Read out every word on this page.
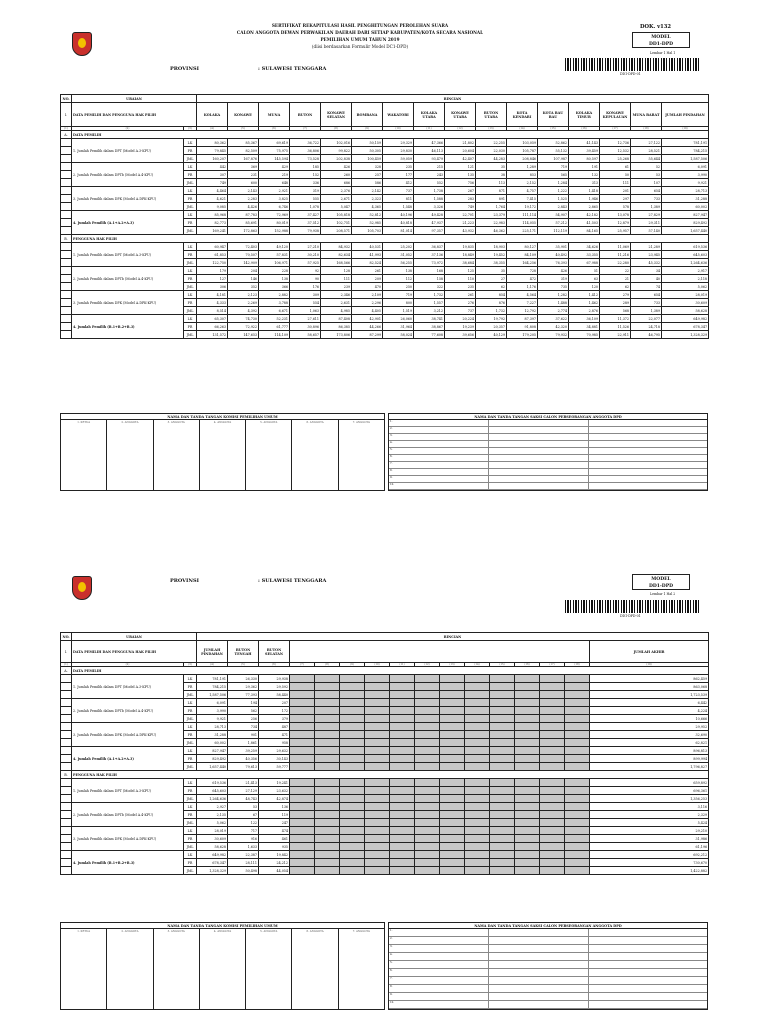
SERTIFIKAT REKAPITULASI HASIL PENGHITUNGAN PEROLEHAN SUARA
CALON ANGGOTA DEWAN PERWAKILAN DAERAH DARI SETIAP KABUPATEN/KOTA SECARA NASIONAL
PEMILIHAN UMUM TAHUN 2019
(diisi berdasarkan Formulir Model DC1-DPD)
DOK. v132
MODEL
DD1-DPD
Lembar 1 Hal 1
DD1-DPD-01
PROVINSI	: SULAWESI TENGGARA
NO.	URAIAN		RINCIAN															
I.	DATA PEMILIH DAN PENGGUNA HAK PILIH		KOLAKA	KONAWE	MUNA	BUTON	KONAWE SELATAN	BOMBANA	WAKATOBI	KOLAKA UTARA	KONAWE UTARA	BUTON UTARA	KOTA KENDARI	KOTA BAU BAU	KOLAKA TIMUR	KONAWE KEPULAUAN	MUNA BARAT	JUMLAH PINDAHAN
(1)	(2)	(3)	(4)	(5)	(6)	(7)	(8)	(9)	(10)	(11)	(12)	(13)	(14)	(15)	(16)	(17)	(18)	(19)
A.	DATA PEMILIH																	
	1. Jumlah Pemilih dalam DPT (Model A.3-KPU)	LK	80,362	85,367	69,619	36,722	102,016	50,159	29,329	47,366	21,802	22,255	103,059	52,862	41,143	12,736	27,122	781,191
		PR	79,845	82,509	75,975	36,806	99,822	50,305	29,830	46,113	20,604	22,030	105,787	55,132	39,459	12,532	28,521	784,215
		JML	160,207	167,876	145,594	73,528	202,838	100,459	59,059	93,479	42,407	44,283	208,846	107,987	80,597	25,268	55,644	1,587,506
	2. Jumlah Pemilih dalam DPTb (Model A.4-KPU)	LK	442	369	429	185	426	328	235	215	121	35	1,289	719	191	61	52	6,091
		PR	307	231	219	152	260	257	177	243	135	38	853	565	132	50	53	3,990
		JML	749	600	648	336	686	586	412	552	756	113	2,152	1,284	313	111	107	9,921
	3. Jumlah Pemilih dalam DPK (Model A.DPK-KPU)	LK	4,464	2,143	2,921	319	2,376	2,142	737	1,738	267	871	4,757	1,222	1,418	201	654	28,713
		PR	4,621	2,283	3,825	555	2,671	2,323	811	1,588	283	891	7,415	1,525	1,946	297	733	31,288
		JML	9,085	4,426	6,746	1,078	5,047	4,365	1,548	3,326	749	1,764	19,172	2,843	2,865	578	1,389	60,002
	4. Jumlah Pemilih (A.1+A.2+A.3)	LK	85,968	87,783	72,969	37,427	105,818	52,812	40,196	49,428	22,701	23,379	111,114	54,907	42,182	13,078	27,829	827,947
		PR	82,773	85,691	80,019	37,512	102,751	52,985	40,818	47,937	21,223	22,983	114,055	57,212	41,503	12,879	29,311	829,492
		JML	169,241	172,863	152,988	79,938	208,571	105,703	81,014	97,357	43,932	46,362	225,171	112,119	84,165	25,957	57,140	1,657,440
B.	PENGGUNA HAK PILIH																	
	1. Jumlah Pemilih dalam DPT (Model A.3-KPU)	LK	60,947	72,403	49,120	27,210	84,932	40,531	25,202	36,837	19,835	18,903	80,127	35,901	34,626	11,069	21,289	619,536
		PR	61,853	70,507	57,831	30,210	82,634	41,993	31,052	37,136	18,849	19,452	84,109	40,492	33,355	11,216	23,945	645,603
		JML	122,750	142,909	106,971	57,925	168,566	82,524	56,255	73,972	38,684	38,355	164,256	76,393	67,988	22,280	45,332	1,264,636
	2. Jumlah Pemilih dalam DPTb (Model A.4-KPU)	LK	179	204	228	92	128	261	138	168	125	35	728	426	51	22	34	2,917
		PR	127	146	138	90	111	209	112	158	110	27	472	319	63	21	40	2,118
		JML	306	352	366	176	239	470	250	322	235	62	1,176	735	120	62	74	5,062
	3. Jumlah Pemilih dalam DPK (Model A.DPK-KPU)	LK	4,181	2,123	2,882	309	2,346	2,109	719	1,732	261	854	4,564	1,282	1,412	279	654	28,019
		PR	4,333	2,269	3,788	554	2,631	2,296	800	1,557	276	876	7,227	1,488	1,462	289	733	30,609
		JML	8,514	4,392	6,671	1,063	4,985	4,405	1,519	3,212	737	1,732	12,792	2,774	2,876	568	1,389	58,628
	4. Jumlah Pemilih (B.1+B.2+B.3)	LK	65,307	74,730	52,231	27,611	87,408	42,901	26,060	38,741	20,224	19,792	87,397	37,622	36,109	11,372	22,077	649,982
		PR	66,263	72,922	61,777	30,896	86,385	44,266	31,964	38,867	19,239	20,357	91,808	42,320	34,881	11,526	24,718	678,347
		JML	131,572	147,653	114,109	58,657	173,806	87,299	58,024	77,608	39,656	40,129	179,205	79,932	70,985	22,911	46,795	1,328,329
NAMA DAN TANDA TANGAN KOMISI PEMILIHAN UMUM
1. KETUA	2. ANGGOTA	3. ANGGOTA	4. ANGGOTA	5. ANGGOTA	6. ANGGOTA	7. ANGGOTA
NAMA DAN TANDA TANGAN SAKSI CALON PERSEORANGAN ANGGOTA DPD
1.
2.
3.
4.
5.
6.
7.
8.
9.
10.
PROVINSI	: SULAWESI TENGGARA	MODEL
DD1-DPD
Lembar 1 Hal 2
DD1-DPD-01
NO.	URAIAN		RINCIAN															
I.	DATA PEMILIH DAN PENGGUNA HAK PILIH		JUMLAH PINDAHAN	BUTON TENGAH	BUTON SELATAN													JUMLAH AKHIR
(1)	(2)	(3)	(4)	(5)	(6)	(7)	(8)	(9)	(10)	(11)	(12)	(13)	(14)	(15)	(16)	(17)	(18)	(19)
A.	DATA PEMILIH																	
	1. Jumlah Pemilih dalam DPT (Model A.3-KPU)	LK	781,191	26,330	29,938													862,459
		PR	784,215	29,362	29,592													863,068
		JML	1,587,506	77,393	58,440													1,723,539
	2. Jumlah Pemilih dalam DPTb (Model A.4-KPU)	LK	6,091	194	207													6,442
		PR	3,990	562	172													4,224
		JML	9,921	256	379													10,666
	3. Jumlah Pemilih dalam DPK (Model A.DPK-KPU)	LK	28,713	734	487													29,952
		PR	31,288	901	471													32,690
		JML	60,002	1,861	958													62,821
	4. Jumlah Pemilih (A.1+A.2+A.3)	LK	827,947	39,259	29,632													896,813
		PR	829,492	40,356	30,143													899,994
		JML	1,657,440	79,613	59,777													1,796,827
B.	PENGGUNA HAK PILIH																	
	1. Jumlah Pemilih dalam DPT (Model A.3-KPU)	LK	619,536	21,413	19,241													659,892
		PR	645,603	27,129	23,632													696,361
		JML	1,264,636	48,743	42,874													1,356,253
	2. Jumlah Pemilih dalam DPTb (Model A.4-KPU)	LK	2,927	53	136													3,116
		PR	2,135	67	119													2,329
		JML	5,062	122	247													5,424
	3. Jumlah Pemilih dalam DPK (Model A.DPK-KPU)	LK	28,019	717	474													29,210
		PR	30,609	916	461													31,986
		JML	58,628	1,633	935													61,196
	4. Jumlah Pemilih (B.1+B.2+B.3)	LK	649,982	22,387	19,842													692,212
		PR	678,347	28,111	24,212													730,670
		JML	1,328,329	50,498	44,054													1,422,882
NAMA DAN TANDA TANGAN KOMISI PEMILIHAN UMUM
1. KETUA	2. ANGGOTA	3. ANGGOTA	4. ANGGOTA	5. ANGGOTA	6. ANGGOTA	7. ANGGOTA
NAMA DAN TANDA TANGAN SAKSI CALON PERSEORANGAN ANGGOTA DPD
1.
2.
3.
4.
5.
6.
7.
8.
9.
10.
